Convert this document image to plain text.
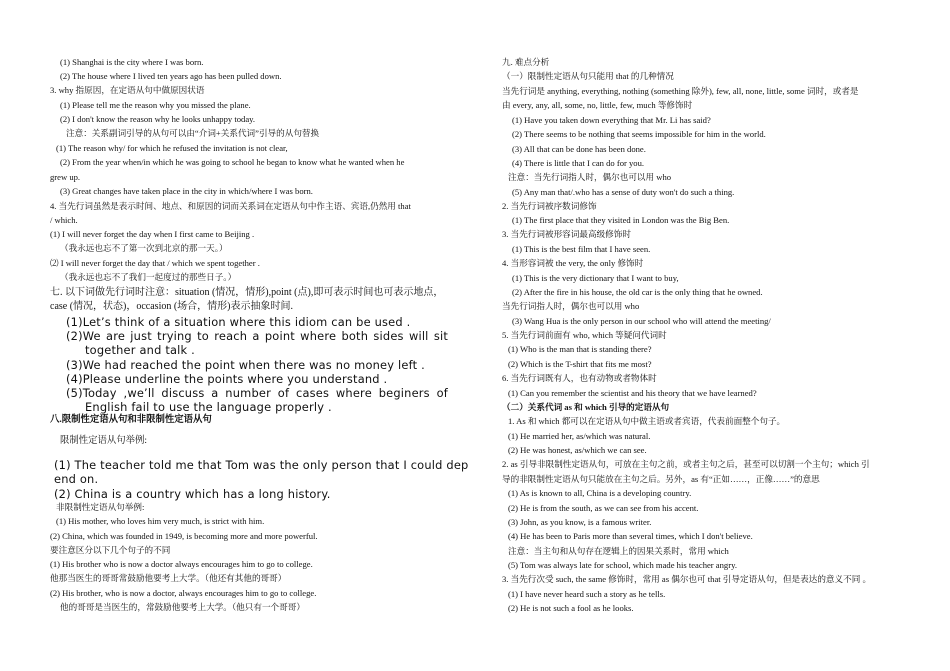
(1) Shanghai is the city where I was born.
(2) The house where I lived ten years ago has been pulled down.
3. why 指原因，在定语从句中做原因状语
(1) Please tell me the reason why you missed the plane.
(2) I don't know the reason why he looks unhappy today.
注意：关系副词引导的从句可以由“介词+关系代词”引导的从句替换
(1) The reason why/ for which he refused the invitation is not clear,
(2) From the year when/in which he was going to school he began to know what he wanted when he
grew up.
(3) Great changes have taken place in the city in which/where I was born.
4. 当先行词虽然是表示时间、地点、和原因的词而关系词在定语从句中作主语、宾语,仍然用 that
/ which.
(1) I will never forget the day when I first came to Beijing .
（我永远也忘不了第一次到北京的那一天。）
⑵ I will never forget the day that / which we spent together .
（我永远也忘不了我们一起度过的那些日子。）
七. 以下词做先行词时注意：situation (情况，情形),point (点),即可表示时间也可表示地点，
case (情况，状态)，occasion (场合，情形)表示抽象时间.
(1)Let’s think of a situation where this idiom can be used .
(2)We are just trying to reach a point where both sides will sit
together and talk .
(3)We had reached the point when there was no money left .
(4)Please underline the points where you understand .
(5)Today ,we’ll discuss a number of cases where beginers of
English fail to use the language properly .
八.限制性定语从句和非限制性定语从句
限制性定语从句举例:
(1) The teacher told me that Tom was the only person that I could dep
end on.
(2) China is a country which has a long history.
非限制性定语从句举例:
(1) His mother, who loves him very much, is strict with him.
(2) China, which was founded in 1949, is becoming more and more powerful.
要注意区分以下几个句子的不同
(1) His brother who is now a doctor always encourages him to go to college.
他那当医生的哥哥常鼓励他要考上大学。（他还有其他的哥哥）
(2) His brother, who is now a doctor, always encourages him to go to college.
他的哥哥是当医生的，常鼓励他要考上大学。（他只有一个哥哥）
九. 难点分析
（一）限制性定语从句只能用 that 的几种情况
当先行词是 anything, everything, nothing (something 除外), few, all, none, little, some 词时，或者是
由 every, any, all, some, no, little, few, much 等修饰时
(1) Have you taken down everything that Mr. Li has said?
(2) There seems to be nothing that seems impossible for him in the world.
(3) All that can be done has been done.
(4) There is little that I can do for you.
注意：当先行词指人时，偶尔也可以用 who
(5) Any man that/.who has a sense of duty won't do such a thing.
2. 当先行词被序数词修饰
(1) The first place that they visited in London was the Big Ben.
3. 当先行词被形容词最高级修饰时
(1) This is the best film that I have seen.
4. 当形容词被 the very, the only 修饰时
(1) This is the very dictionary that I want to buy,
(2) After the fire in his house, the old car is the only thing that he owned.
当先行词指人时，偶尔也可以用 who
(3) Wang Hua is the only person in our school who will attend the meeting/
5. 当先行词前面有 who, which 等疑问代词时
(1) Who is the man that is standing there?
(2) Which is the T-shirt that fits me most?
6. 当先行词既有人，也有动物或者物体时
(1) Can you remember the scientist and his theory that we have learned?
（二）关系代词 as 和 which 引导的定语从句
1. As 和 which 都可以在定语从句中做主语或者宾语，代表前面整个句子。
(1) He married her, as/which was natural.
(2) He was honest, as/which we can see.
2. as 引导非限制性定语从句，可放在主句之前，或者主句之后，甚至可以切割一个主句；which 引
导的非限制性定语从句只能放在主句之后。另外，as 有“正如……，正像……”的意思
(1) As is known to all, China is a developing country.
(2) He is from the south, as we can see from his accent.
(3) John, as you know, is a famous writer.
(4) He has been to Paris more than several times, which I don't believe.
注意：当主句和从句存在逻辑上的因果关系时，常用 which
(5) Tom was always late for school, which made his teacher angry.
3. 当先行次受 such, the same 修饰时，常用 as 偶尔也可 that 引导定语从句，但是表达的意义不同 。
(1) I have never heard such a story as he tells.
(2) He is not such a fool as he looks.
